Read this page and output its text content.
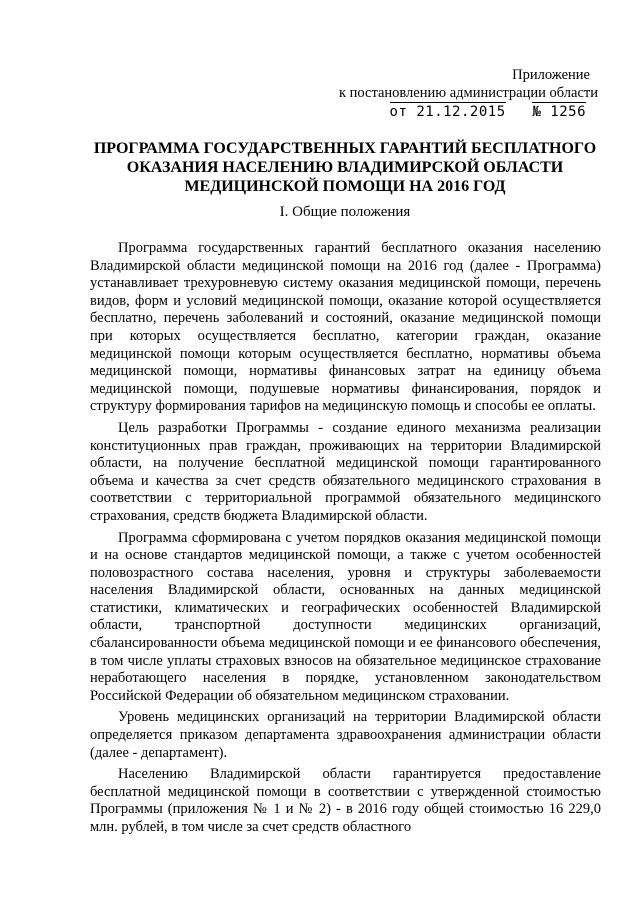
Приложение
к постановлению администрации области
от 21.12.2015 № 1256
ПРОГРАММА ГОСУДАРСТВЕННЫХ ГАРАНТИЙ БЕСПЛАТНОГО
ОКАЗАНИЯ НАСЕЛЕНИЮ ВЛАДИМИРСКОЙ ОБЛАСТИ
МЕДИЦИНСКОЙ ПОМОЩИ НА 2016 ГОД
I. Общие положения

Программа государственных гарантий бесплатного оказания населению Владимирской области медицинской помощи на 2016 год (далее - Программа) устанавливает трехуровневую систему оказания медицинской помощи, перечень видов, форм и условий медицинской помощи, оказание которой осуществляется бесплатно, перечень заболеваний и состояний, оказание медицинской помощи при которых осуществляется бесплатно, категории граждан, оказание медицинской помощи которым осуществляется бесплатно, нормативы объема медицинской помощи, нормативы финансовых затрат на единицу объема медицинской помощи, подушевые нормативы финансирования, порядок и структуру формирования тарифов на медицинскую помощь и способы ее оплаты.

Цель разработки Программы - создание единого механизма реализации конституционных прав граждан, проживающих на территории Владимирской области, на получение бесплатной медицинской помощи гарантированного объема и качества за счет средств обязательного медицинского страхования в соответствии с территориальной программой обязательного медицинского страхования, средств бюджета Владимирской области.

Программа сформирована с учетом порядков оказания медицинской помощи и на основе стандартов медицинской помощи, а также с учетом особенностей половозрастного состава населения, уровня и структуры заболеваемости населения Владимирской области, основанных на данных медицинской статистики, климатических и географических особенностей Владимирской области, транспортной доступности медицинских организаций, сбалансированности объема медицинской помощи и ее финансового обеспечения, в том числе уплаты страховых взносов на обязательное медицинское страхование неработающего населения в порядке, установленном законодательством Российской Федерации об обязательном медицинском страховании.

Уровень медицинских организаций на территории Владимирской области определяется приказом департамента здравоохранения администрации области (далее - департамент).

Населению Владимирской области гарантируется предоставление бесплатной медицинской помощи в соответствии с утвержденной стоимостью Программы (приложения № 1 и № 2) - в 2016 году общей стоимостью 16 229,0 млн. рублей, в том числе за счет средств областного
